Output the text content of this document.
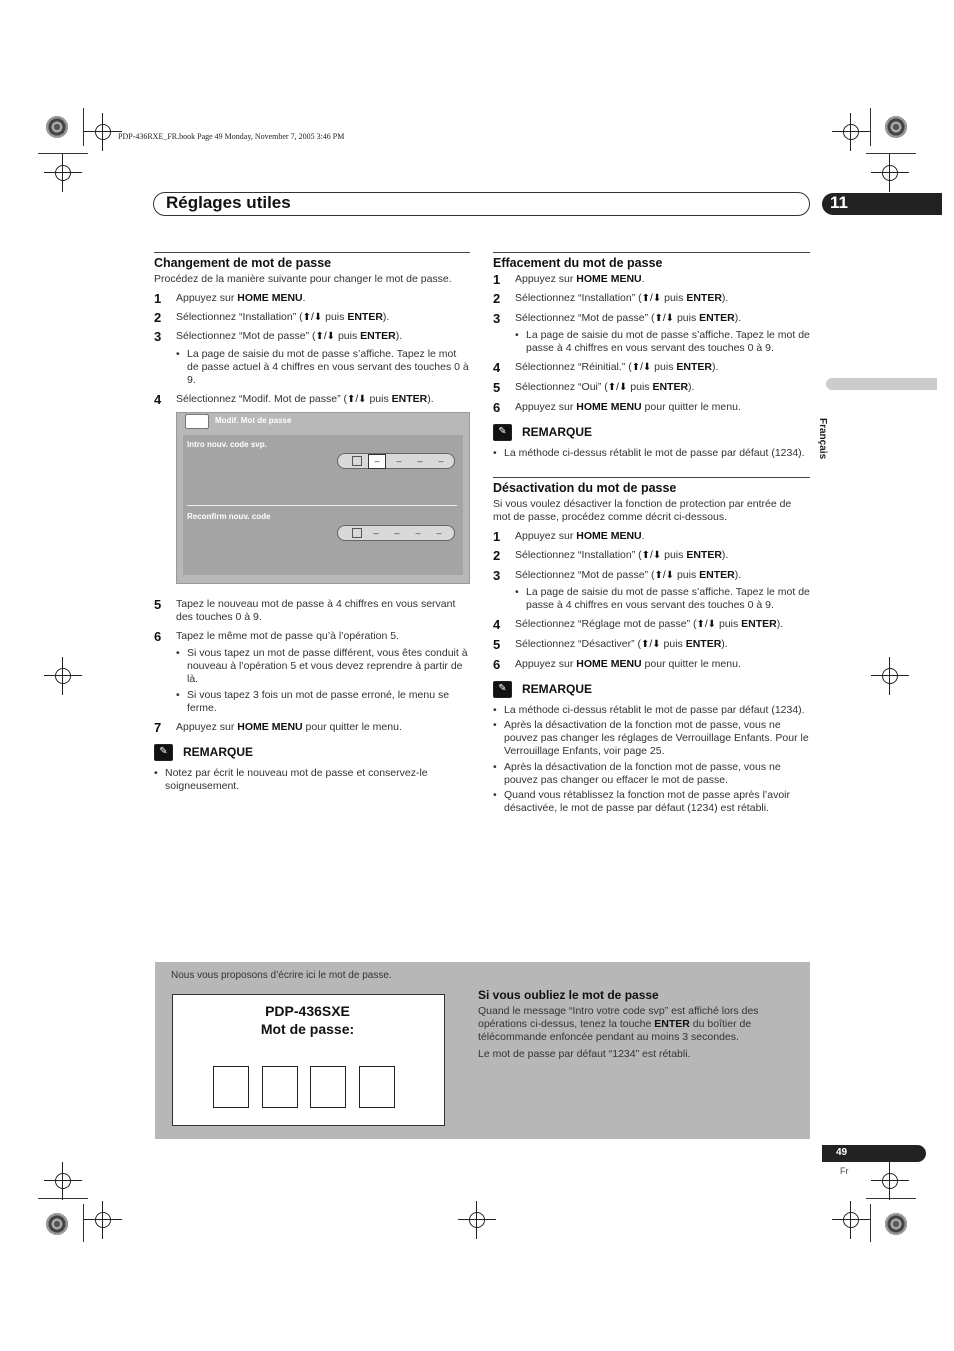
PDP-436RXE_FR.book Page 49 Monday, November 7, 2005 3:46 PM
Réglages utiles	11
Français
Changement de mot de passe
Procédez de la manière suivante pour changer le mot de passe.
1	Appuyez sur HOME MENU.
2	Sélectionnez “Installation” (⬆/⬇ puis ENTER).
3	Sélectionnez “Mot de passe” (⬆/⬇ puis ENTER).
• La page de saisie du mot de passe s’affiche. Tapez le mot de passe actuel à 4 chiffres en vous servant des touches 0 à 9.
4	Sélectionnez “Modif. Mot de passe” (⬆/⬇ puis ENTER).
Modif. Mot de passe
Intro nouv. code svp.
–	–	–	–
Reconfirm nouv. code
–	–	–	–
5	Tapez le nouveau mot de passe à 4 chiffres en vous servant des touches 0 à 9.
6	Tapez le même mot de passe qu’à l’opération 5.
• Si vous tapez un mot de passe différent, vous êtes conduit à nouveau à l’opération 5 et vous devez reprendre à partir de là.
• Si vous tapez 3 fois un mot de passe erroné, le menu se ferme.
7	Appuyez sur HOME MENU pour quitter le menu.
✎	REMARQUE
• Notez par écrit le nouveau mot de passe et conservez-le soigneusement.
Effacement du mot de passe
1	Appuyez sur HOME MENU.
2	Sélectionnez “Installation” (⬆/⬇ puis ENTER).
3	Sélectionnez “Mot de passe” (⬆/⬇ puis ENTER).
• La page de saisie du mot de passe s’affiche. Tapez le mot de passe à 4 chiffres en vous servant des touches 0 à 9.
4	Sélectionnez “Réinitial.” (⬆/⬇ puis ENTER).
5	Sélectionnez “Oui” (⬆/⬇ puis ENTER).
6	Appuyez sur HOME MENU pour quitter le menu.
✎	REMARQUE
• La méthode ci-dessus rétablit le mot de passe par défaut (1234).
Désactivation du mot de passe
Si vous voulez désactiver la fonction de protection par entrée de mot de passe, procédez comme décrit ci-dessous.
1	Appuyez sur HOME MENU.
2	Sélectionnez “Installation” (⬆/⬇ puis ENTER).
3	Sélectionnez “Mot de passe” (⬆/⬇ puis ENTER).
• La page de saisie du mot de passe s’affiche. Tapez le mot de passe à 4 chiffres en vous servant des touches 0 à 9.
4	Sélectionnez “Réglage mot de passe” (⬆/⬇ puis ENTER).
5	Sélectionnez “Désactiver” (⬆/⬇ puis ENTER).
6	Appuyez sur HOME MENU pour quitter le menu.
✎	REMARQUE
• La méthode ci-dessus rétablit le mot de passe par défaut (1234).
• Après la désactivation de la fonction mot de passe, vous ne pouvez pas changer les réglages de Verrouillage Enfants. Pour le Verrouillage Enfants, voir page 25.
• Après la désactivation de la fonction mot de passe, vous ne pouvez pas changer ou effacer le mot de passe.
• Quand vous rétablissez la fonction mot de passe après l’avoir désactivée, le mot de passe par défaut (1234) est rétabli.
Nous vous proposons d’écrire ici le mot de passe.
PDP-436SXE
Mot de passe:
Si vous oubliez le mot de passe
Quand le message “Intro votre code svp” est affiché lors des opérations ci-dessus, tenez la touche ENTER du boîtier de télécommande enfoncée pendant au moins 3 secondes.
Le mot de passe par défaut “1234” est rétabli.
49
Fr
